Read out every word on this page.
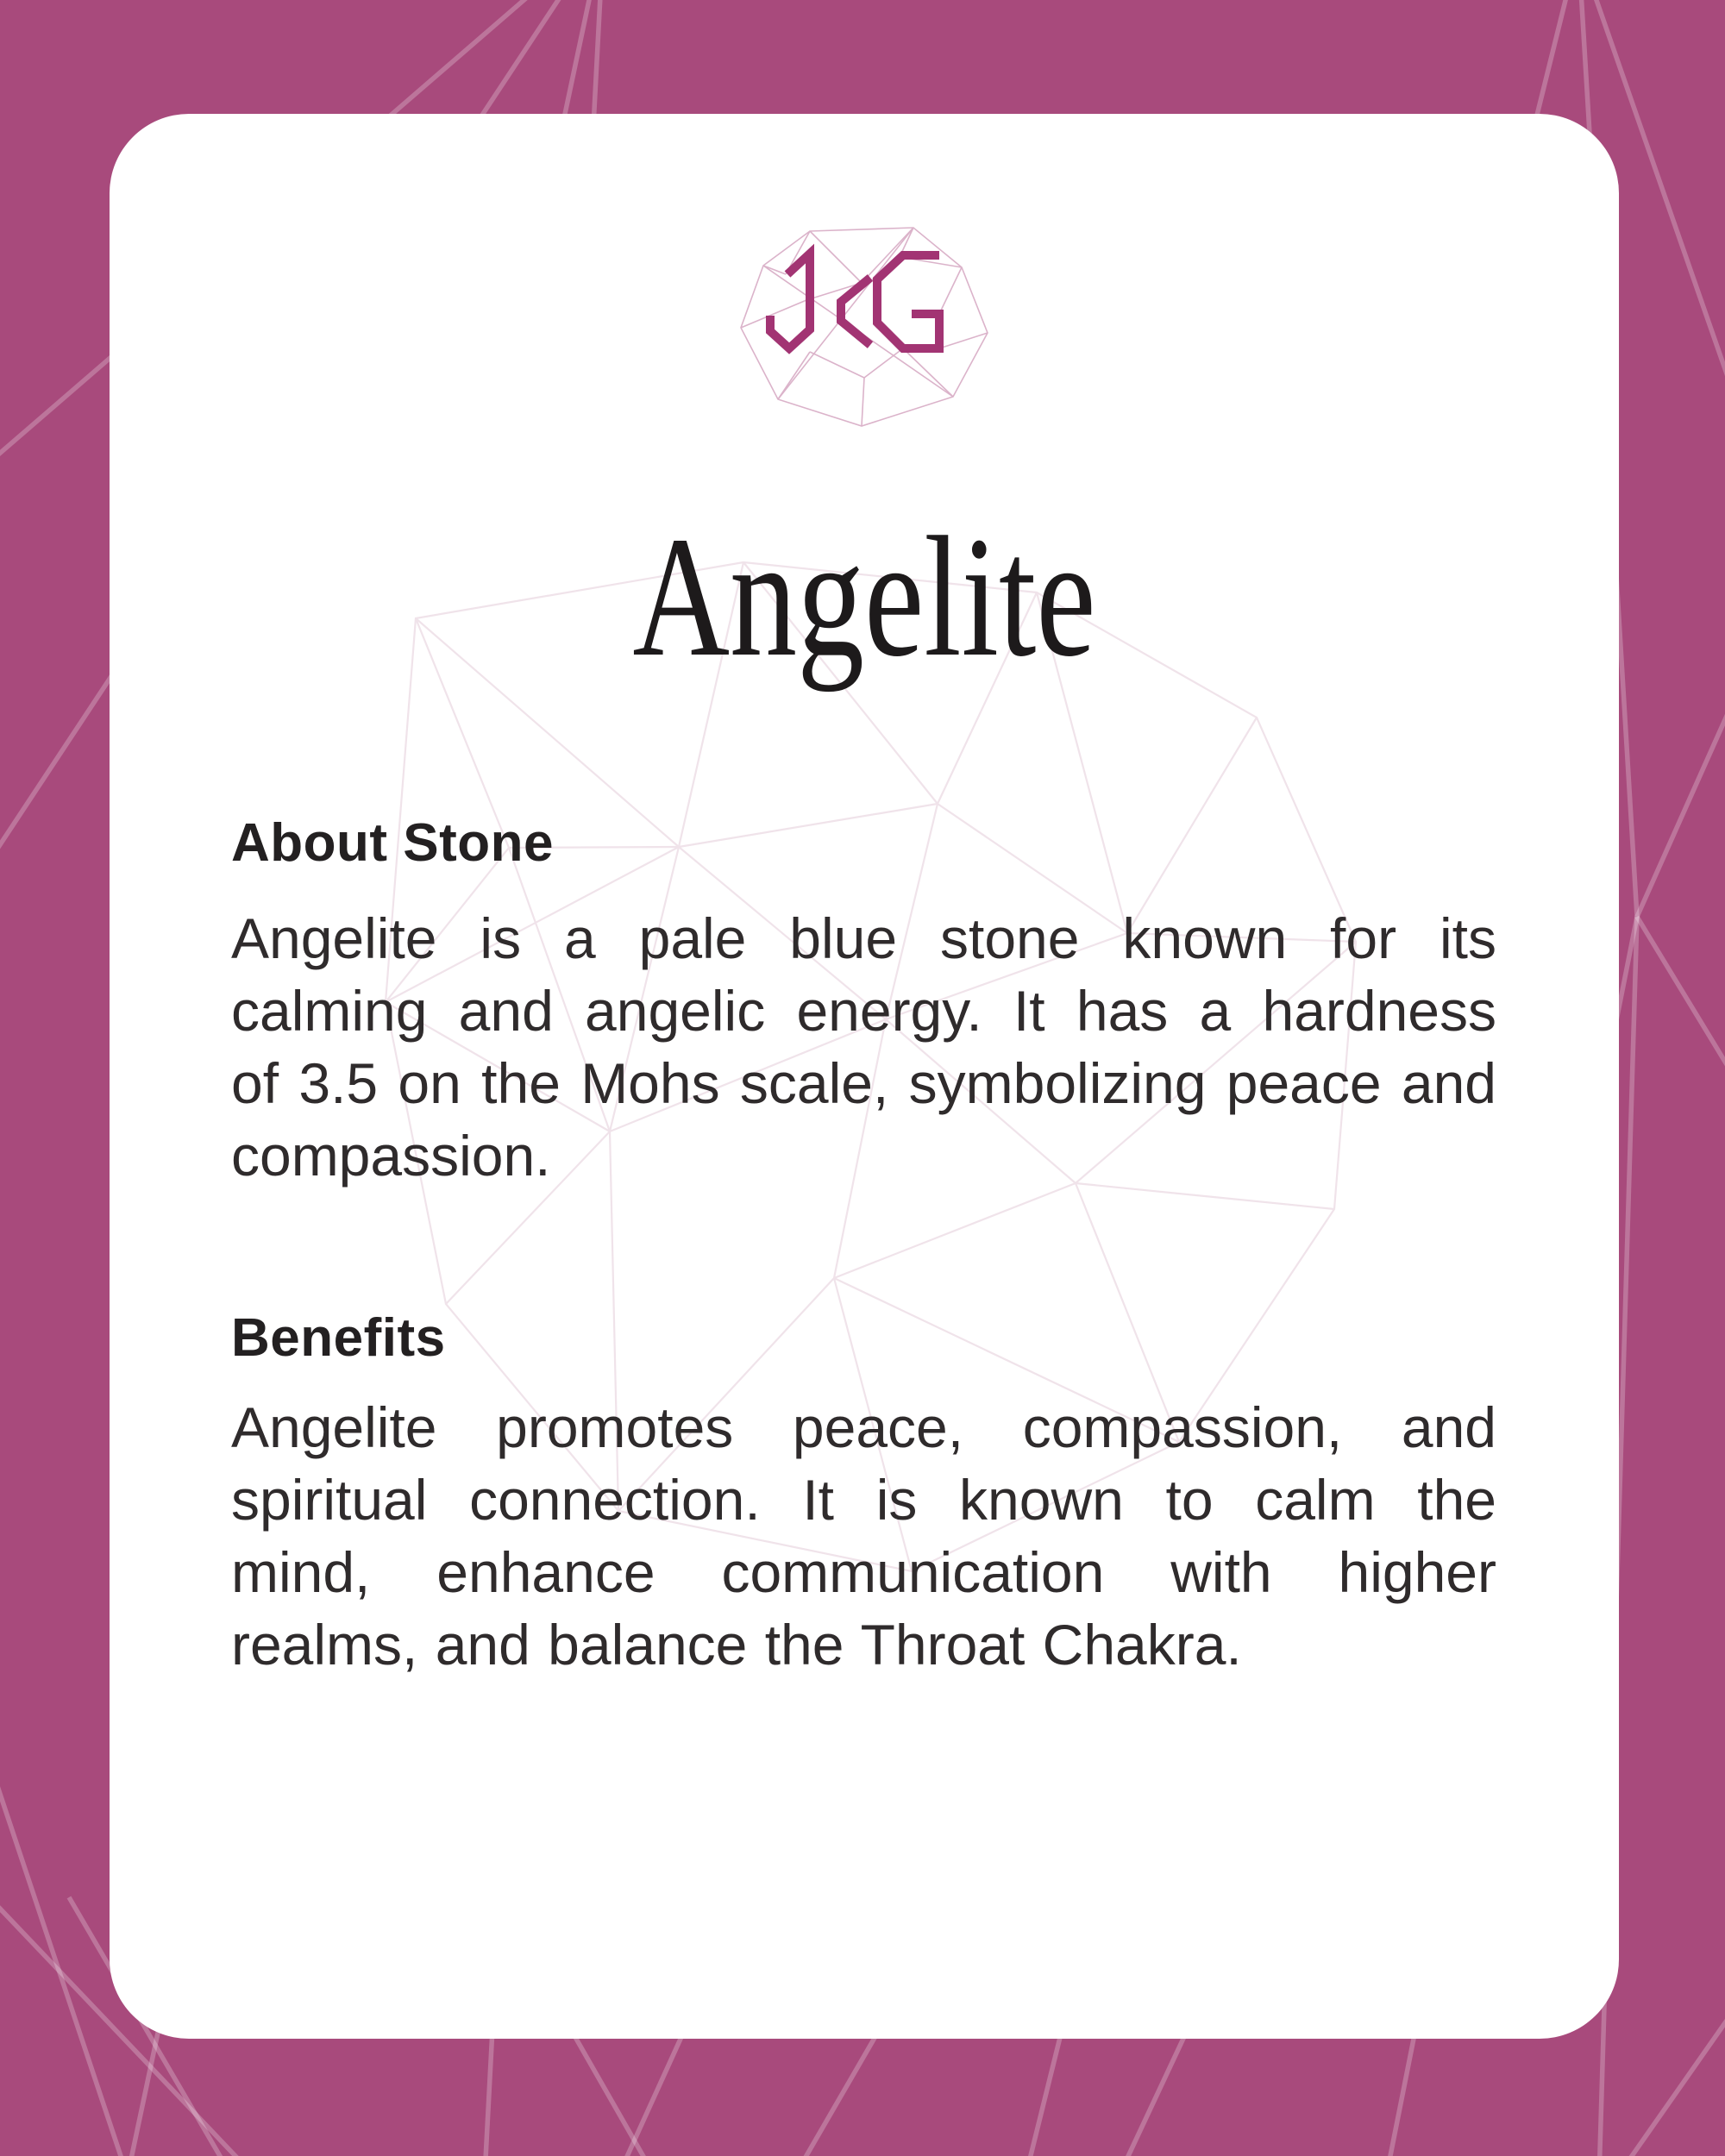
Angelite
About Stone
Angelite is a pale blue stone known for its
calming and angelic energy. It has a hardness
of 3.5 on the Mohs scale, symbolizing peace and
compassion.
Benefits
Angelite promotes peace, compassion, and
spiritual connection. It is known to calm the
mind, enhance communication with higher
realms, and balance the Throat Chakra.
